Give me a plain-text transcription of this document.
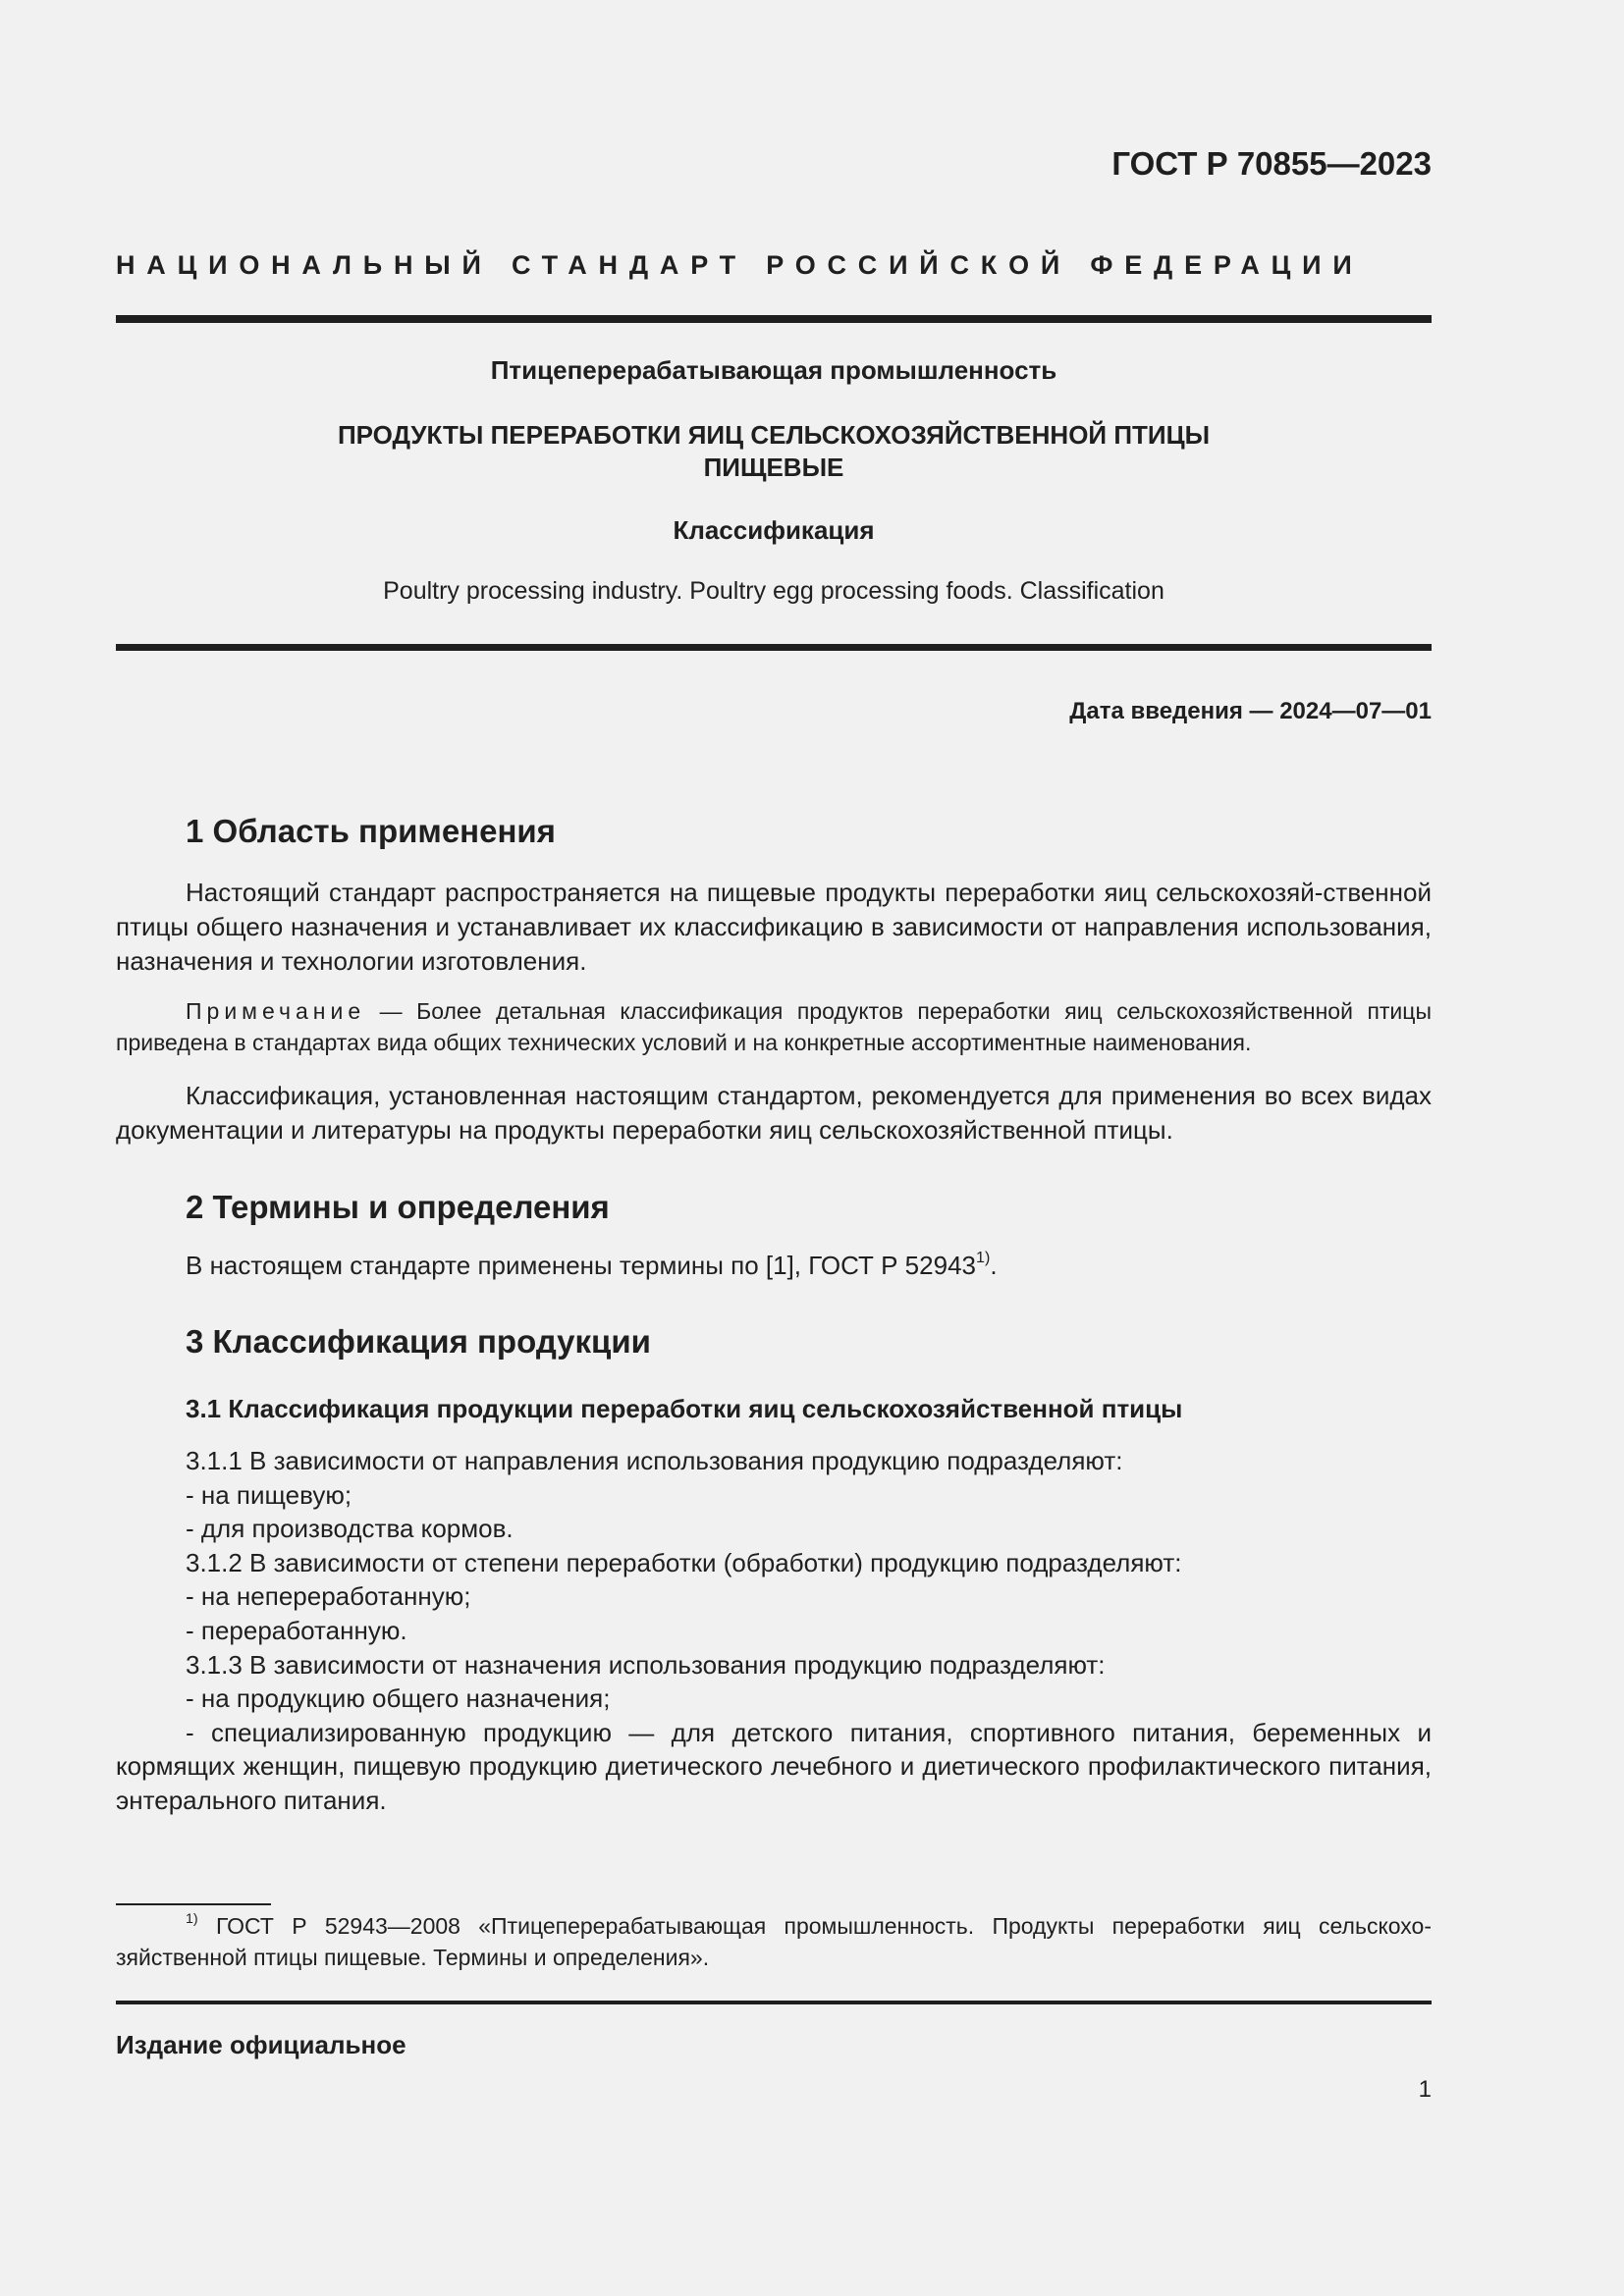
ГОСТ Р 70855—2023
НАЦИОНАЛЬНЫЙ СТАНДАРТ РОССИЙСКОЙ ФЕДЕРАЦИИ
Птицеперерабатывающая промышленность
ПРОДУКТЫ ПЕРЕРАБОТКИ ЯИЦ СЕЛЬСКОХОЗЯЙСТВЕННОЙ ПТИЦЫ
ПИЩЕВЫЕ
Классификация
Poultry processing industry. Poultry egg processing foods. Classification
Дата введения — 2024—07—01
1 Область применения
Настоящий стандарт распространяется на пищевые продукты переработки яиц сельскохозяй-ственной птицы общего назначения и устанавливает их классификацию в зависимости от направления использования, назначения и технологии изготовления.
Примечание — Более детальная классификация продуктов переработки яиц сельскохозяйственной птицы приведена в стандартах вида общих технических условий и на конкретные ассортиментные наименования.
Классификация, установленная настоящим стандартом, рекомендуется для применения во всех видах документации и литературы на продукты переработки яиц сельскохозяйственной птицы.
2 Термины и определения
В настоящем стандарте применены термины по [1], ГОСТ Р 52943$^{1)}$.
3 Классификация продукции
3.1 Классификация продукции переработки яиц сельскохозяйственной птицы
3.1.1 В зависимости от направления использования продукцию подразделяют:
- на пищевую;
- для производства кормов.
3.1.2 В зависимости от степени переработки (обработки) продукцию подразделяют:
- на непереработанную;
- переработанную.
3.1.3 В зависимости от назначения использования продукцию подразделяют:
- на продукцию общего назначения;
- специализированную продукцию — для детского питания, спортивного питания, беременных и кормящих женщин, пищевую продукцию диетического лечебного и диетического профилактического питания, энтерального питания.
$^{1)}$ ГОСТ Р 52943—2008 «Птицеперерабатывающая промышленность. Продукты переработки яиц сельскохо-зяйственной птицы пищевые. Термины и определения».
Издание официальное
1
